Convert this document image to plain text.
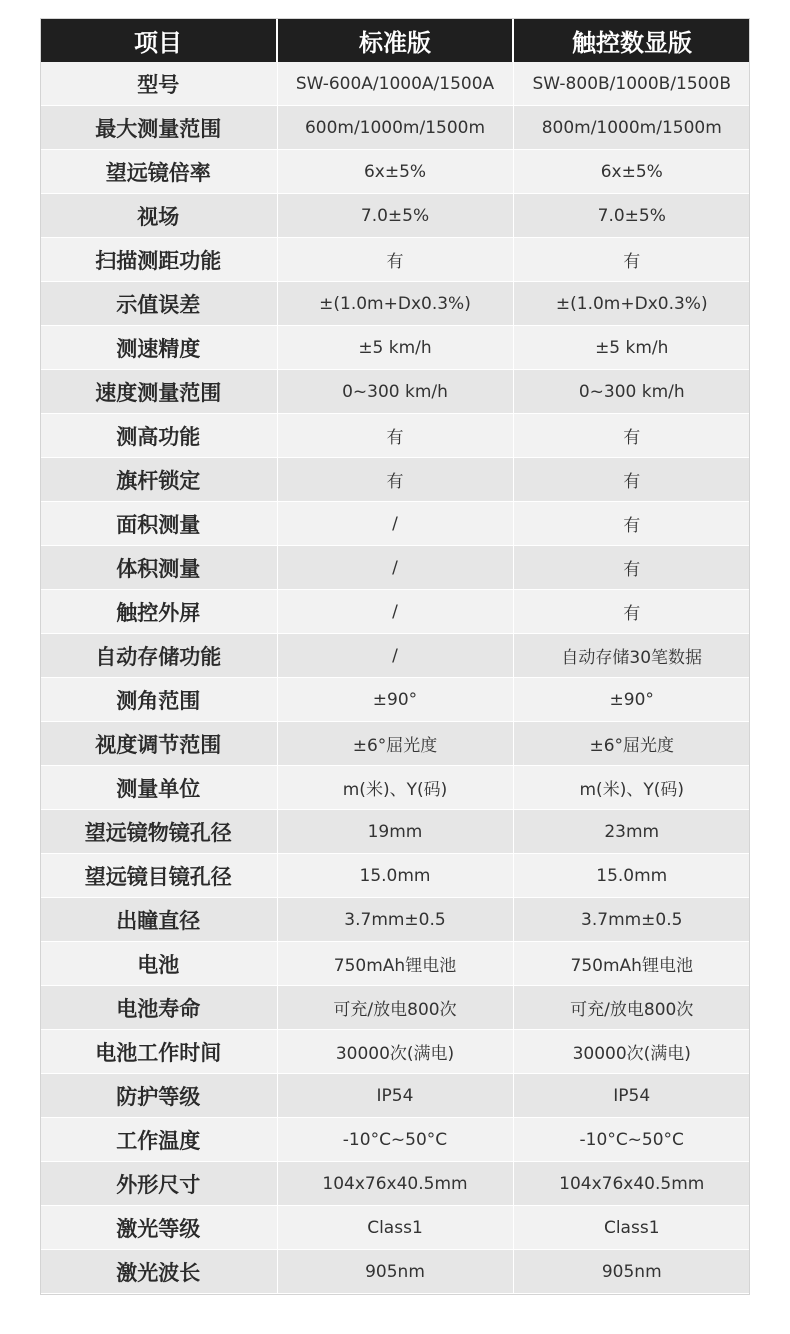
项目	标准版	触控数显版
型号	SW-600A/1000A/1500A	SW-800B/1000B/1500B
最大测量范围	600m/1000m/1500m	800m/1000m/1500m
望远镜倍率	6x±5%	6x±5%
视场	7.0±5%	7.0±5%
扫描测距功能	有	有
示值误差	±(1.0m+Dx0.3%)	±(1.0m+Dx0.3%)
测速精度	±5 km/h	±5 km/h
速度测量范围	0~300 km/h	0~300 km/h
测高功能	有	有
旗杆锁定	有	有
面积测量	/	有
体积测量	/	有
触控外屏	/	有
自动存储功能	/	自动存储30笔数据
测角范围	±90°	±90°
视度调节范围	±6°屈光度	±6°屈光度
测量单位	m(米)、Y(码)	m(米)、Y(码)
望远镜物镜孔径	19mm	23mm
望远镜目镜孔径	15.0mm	15.0mm
出瞳直径	3.7mm±0.5	3.7mm±0.5
电池	750mAh锂电池	750mAh锂电池
电池寿命	可充/放电800次	可充/放电800次
电池工作时间	30000次(满电)	30000次(满电)
防护等级	IP54	IP54
工作温度	-10°C~50°C	-10°C~50°C
外形尺寸	104x76x40.5mm	104x76x40.5mm
激光等级	Class1	Class1
激光波长	905nm	905nm
